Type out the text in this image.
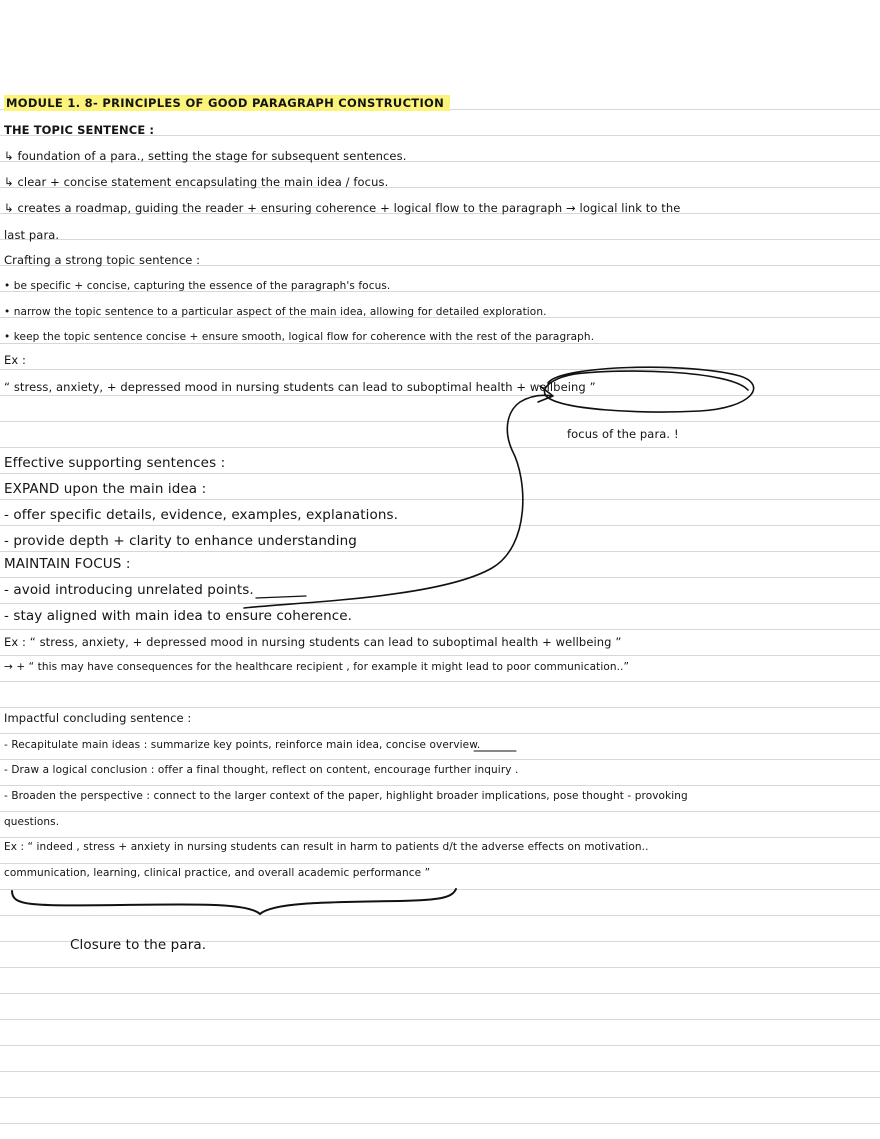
MODULE 1. 8- PRINCIPLES OF GOOD PARAGRAPH CONSTRUCTION
THE TOPIC SENTENCE :
↳ foundation of a para., setting the stage for subsequent sentences.
↳ clear + concise statement encapsulating the main idea / focus.
↳ creates a roadmap, guiding the reader + ensuring coherence + logical flow to the paragraph → logical link to the
last para.
Crafting a strong topic sentence :
• be specific + concise, capturing the essence of the paragraph's focus.
• narrow the topic sentence to a particular aspect of the main idea, allowing for detailed exploration.
• keep the topic sentence concise + ensure smooth, logical flow for coherence with the rest of the paragraph.
Ex :
“ stress, anxiety, + depressed mood in nursing students can lead to suboptimal health + wellbeing ”
focus of the para. !
Effective supporting sentences :
EXPAND upon the main idea :
- offer specific details, evidence, examples, explanations.
- provide depth + clarity to enhance understanding
MAINTAIN FOCUS :
- avoid introducing unrelated points.
- stay aligned with main idea to ensure coherence.
Ex : “ stress, anxiety, + depressed mood in nursing students can lead to suboptimal health + wellbeing ”
→ + “ this may have consequences for the healthcare recipient , for example it might lead to poor communication..”
Impactful concluding sentence :
- Recapitulate main ideas : summarize key points, reinforce main idea, concise overview.
- Draw a logical conclusion : offer a final thought, reflect on content, encourage further inquiry .
- Broaden the perspective : connect to the larger context of the paper, highlight broader implications, pose thought - provoking
questions.
Ex : “ indeed , stress + anxiety in nursing students can result in harm to patients d/t the adverse effects on motivation..
communication, learning, clinical practice, and overall academic performance ”
Closure to the para.
